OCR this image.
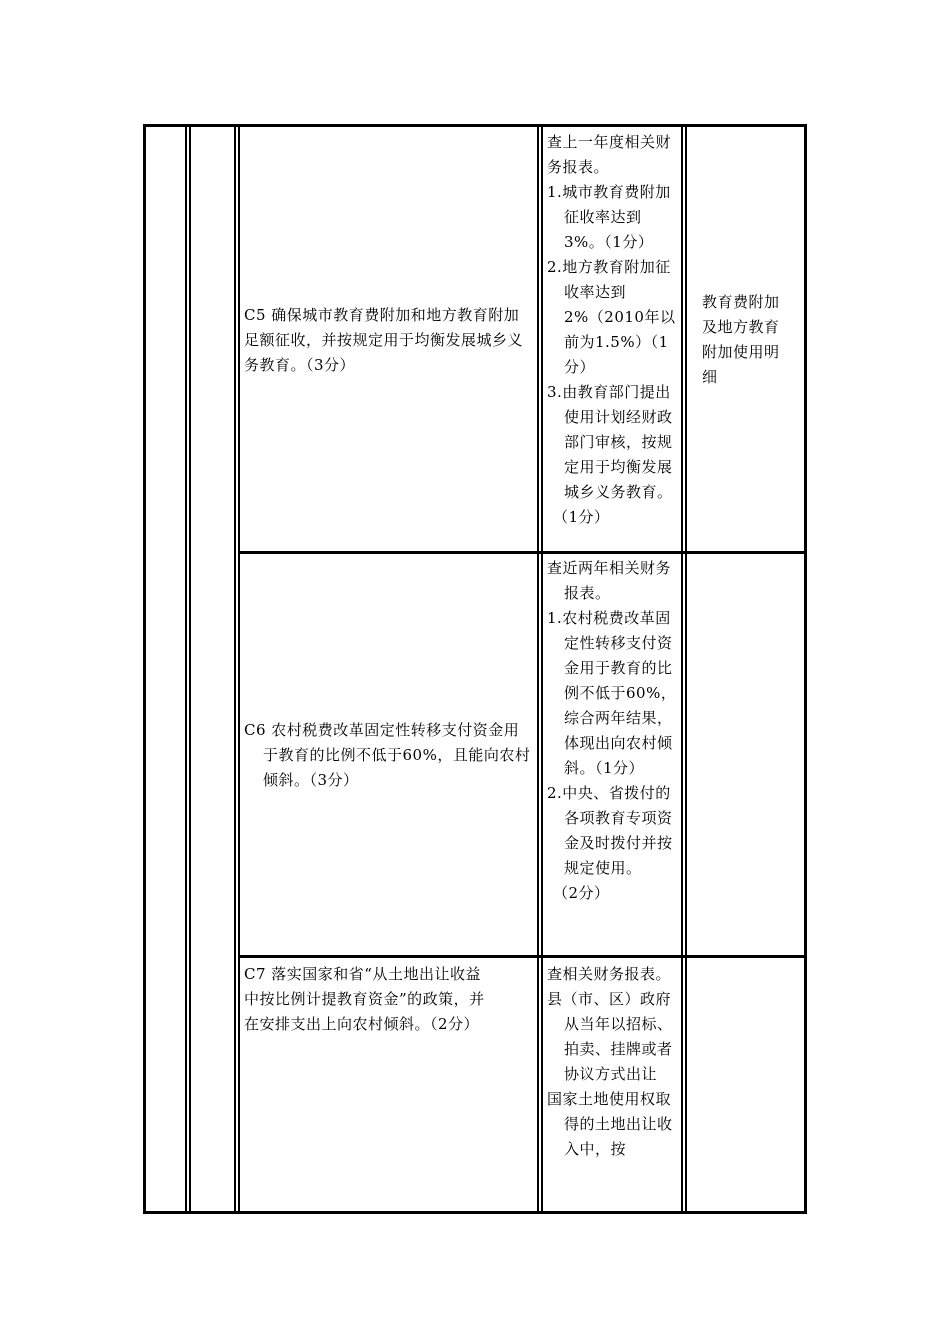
C5 确保城市教育费附加和地方教育附加足额征收，并按规定用于均衡发展城乡义务教育。（3分）

查上一年度相关财务报表。

1.城市教育费附加征收率达到3%。（1分）

2.地方教育附加征收率达到2%（2010年以前为1.5%）（1分）

3.由教育部门提出使用计划经财政部门审核，按规定用于均衡发展城乡义务教育。

（1分）

教育费附加及地方教育附加使用明细

C6 农村税费改革固定性转移支付资金用于教育的比例不低于60%，且能向农村倾斜。（3分）

查近两年相关财务报表。

1.农村税费改革固定性转移支付资金用于教育的比例不低于60%，综合两年结果，体现出向农村倾斜。（1分）

2.中央、省拨付的各项教育专项资金及时拨付并按规定使用。

（2分）

C7 落实国家和省“从土地出让收益中按比例计提教育资金”的政策，并在安排支出上向农村倾斜。（2分）

查相关财务报表。

县（市、区）政府从当年以招标、拍卖、挂牌或者协议方式出让

国家土地使用权取得的土地出让收入中，按
